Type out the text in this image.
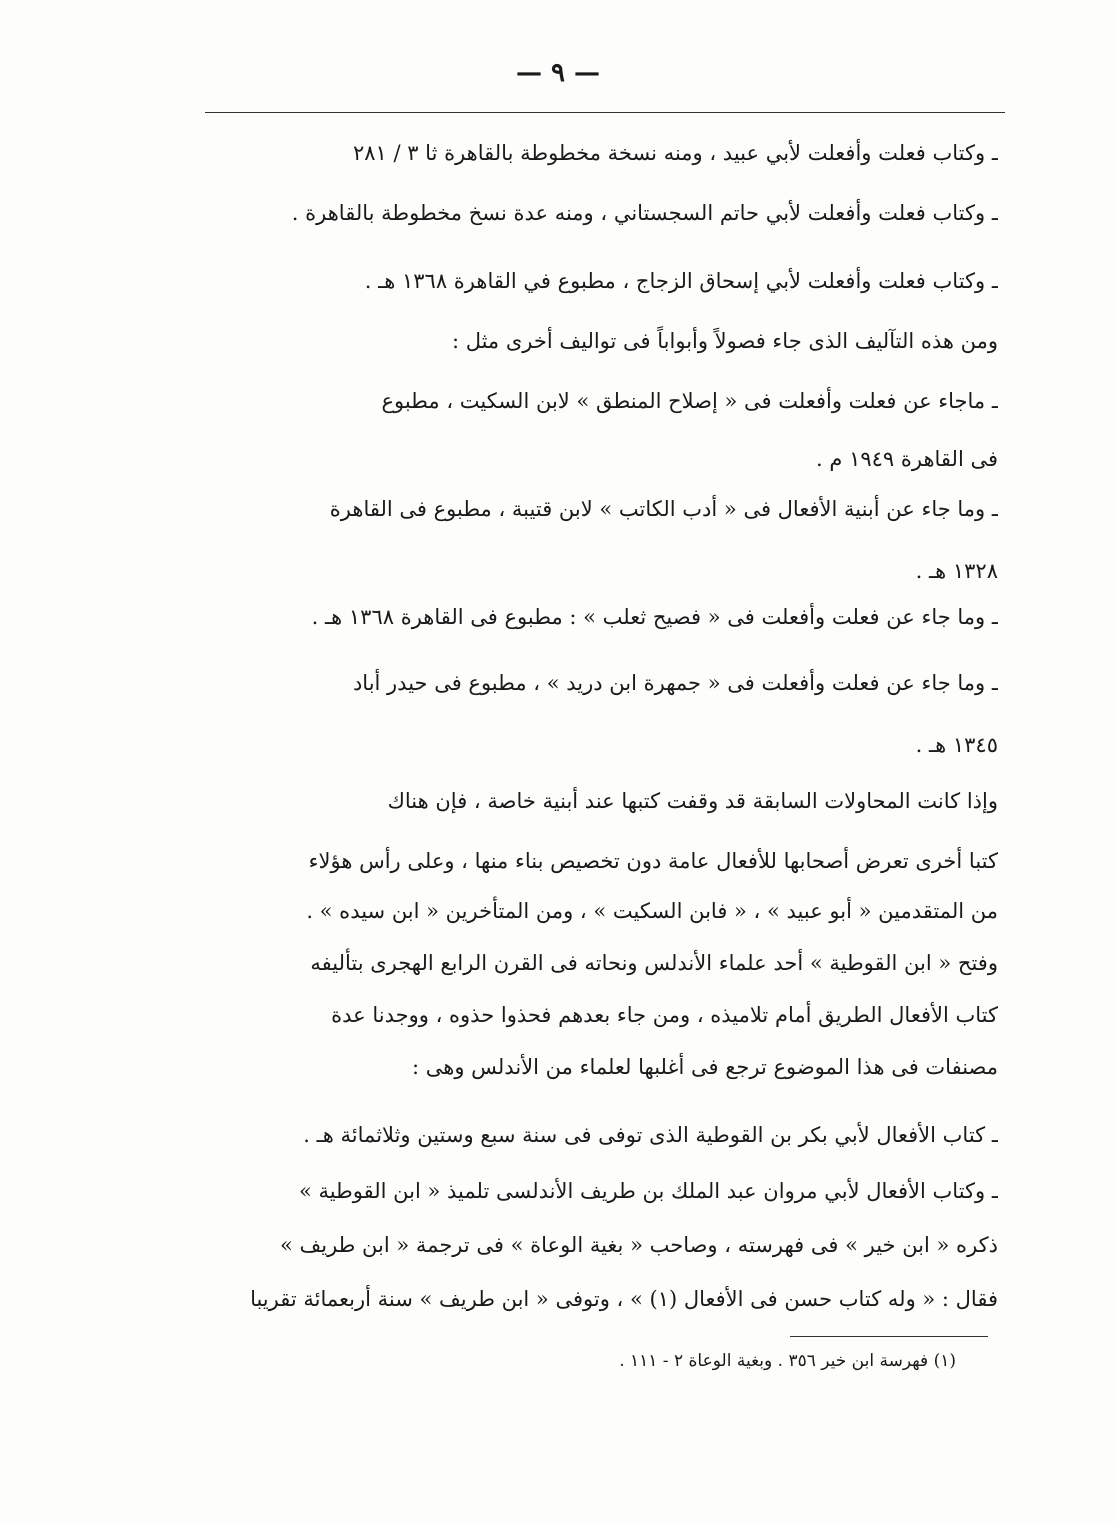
— ٩ —
ـ وكتاب فعلت وأفعلت لأبي عبيد ، ومنه نسخة مخطوطة بالقاهرة ثا ٣ / ٢٨١
ـ وكتاب فعلت وأفعلت لأبي حاتم السجستاني ، ومنه عدة نسخ مخطوطة بالقاهرة .
ـ وكتاب فعلت وأفعلت لأبي إسحاق الزجاج ، مطبوع في القاهرة ١٣٦٨ هـ .
ومن هذه التآليف الذى جاء فصولاً وأبواباً فى تواليف أخرى مثل :
ـ ماجاء عن فعلت وأفعلت فى « إصلاح المنطق » لابن السكيت ، مطبوع
فى القاهرة ١٩٤٩ م .
ـ وما جاء عن أبنية الأفعال فى « أدب الكاتب » لابن قتيبة ، مطبوع فى القاهرة
١٣٢٨ هـ .
ـ وما جاء عن فعلت وأفعلت فى « فصيح ثعلب » : مطبوع فى القاهرة ١٣٦٨ هـ .
ـ وما جاء عن فعلت وأفعلت فى « جمهرة ابن دريد » ، مطبوع فى حيدر أباد
١٣٤٥ هـ .
وإذا كانت المحاولات السابقة قد وقفت كتبها عند أبنية خاصة ، فإن هناك
كتبا أخرى تعرض أصحابها للأفعال عامة دون تخصيص بناء منها ، وعلى رأس هؤلاء
من المتقدمين « أبو عبيد » ، « فابن السكيت » ، ومن المتأخرين « ابن سيده » .
وفتح « ابن القوطية » أحد علماء الأندلس ونحاته فى القرن الرابع الهجرى بتأليفه
كتاب الأفعال الطريق أمام تلاميذه ، ومن جاء بعدهم فحذوا حذوه ، ووجدنا عدة
مصنفات فى هذا الموضوع ترجع فى أغلبها لعلماء من الأندلس وهى :
ـ كتاب الأفعال لأبي بكر بن القوطية الذى توفى فى سنة سبع وستين وثلاثمائة هـ .
ـ وكتاب الأفعال لأبي مروان عبد الملك بن طريف الأندلسى تلميذ « ابن القوطية »
ذكره « ابن خير » فى فهرسته ، وصاحب « بغية الوعاة » فى ترجمة « ابن طريف »
فقال : « وله كتاب حسن فى الأفعال (١) » ، وتوفى « ابن طريف » سنة أربعمائة تقريبا
(١) فهرسة ابن خير ٣٥٦ . وبغية الوعاة ٢ - ١١١ .
